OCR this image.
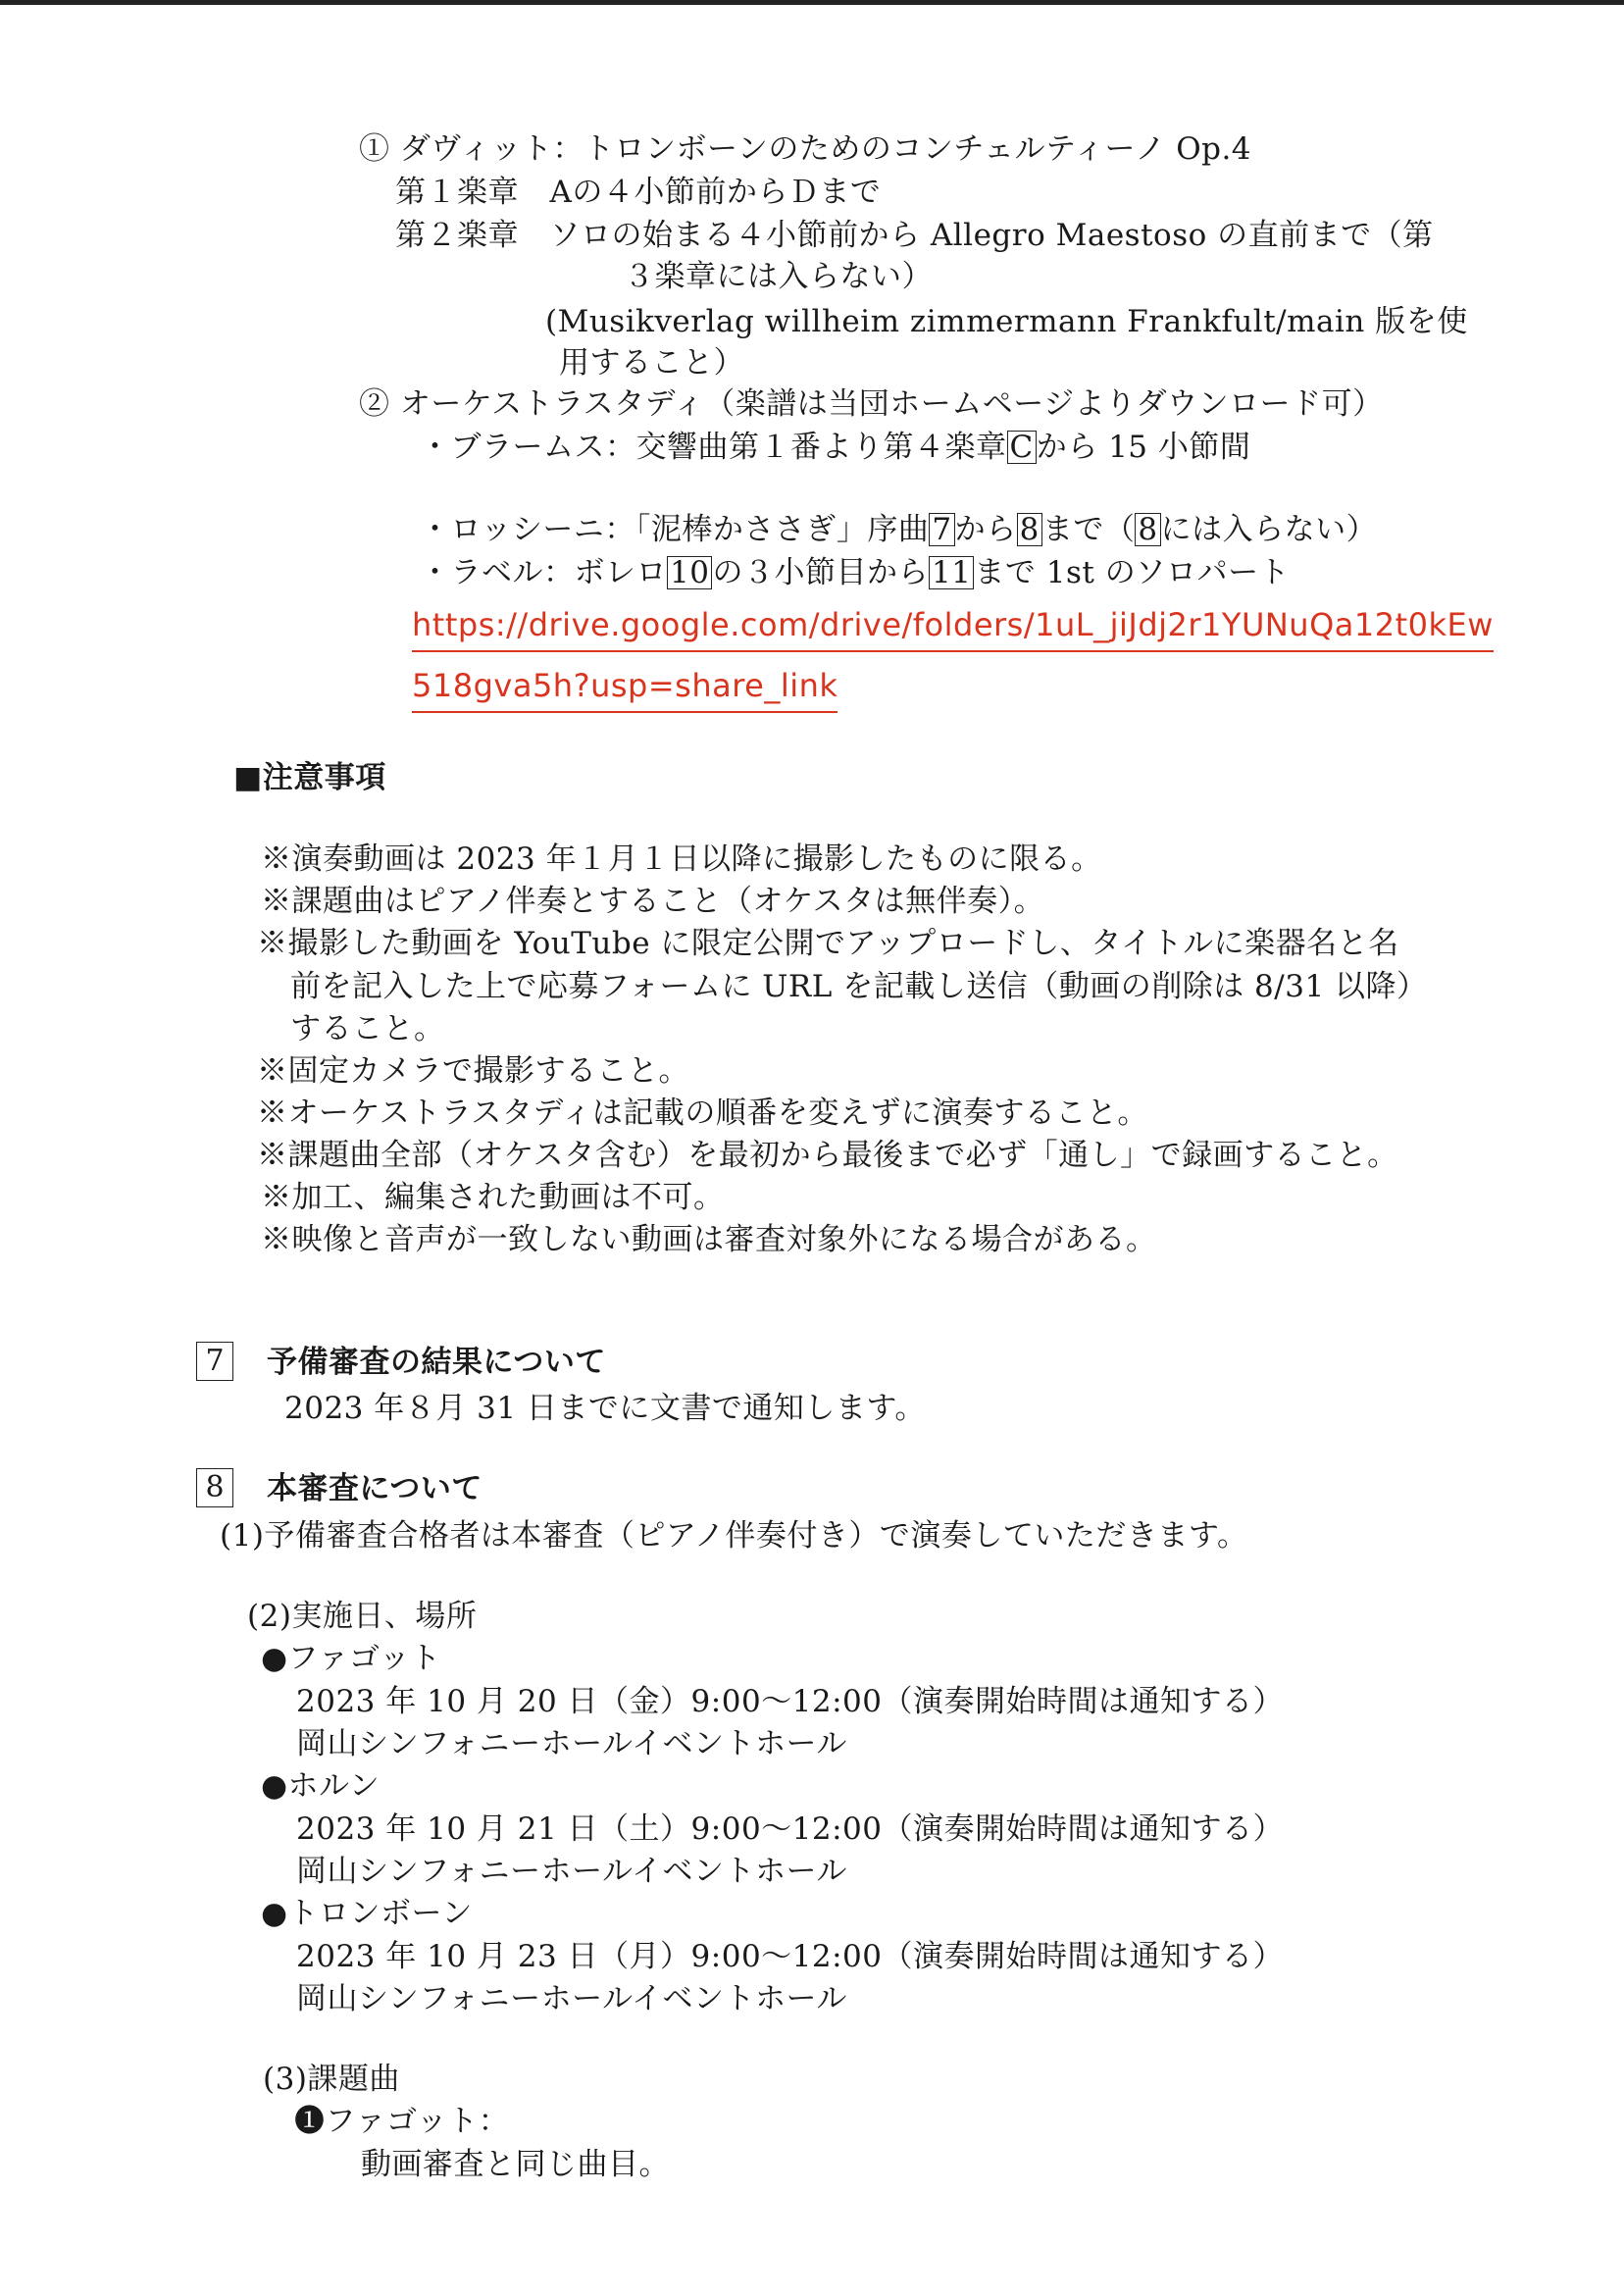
① ダヴィット：トロンボーンのためのコンチェルティーノ Op.4
第１楽章　Aの４小節前からＤまで
第２楽章　ソロの始まる４小節前から Allegro Maestoso の直前まで（第
３楽章には入らない）
(Musikverlag willheim zimmermann Frankfult/main 版を使
用すること）
② オーケストラスタディ（楽譜は当団ホームページよりダウンロード可）
・ブラームス：交響曲第１番より第４楽章Cから 15 小節間
・ロッシーニ：「泥棒かささぎ」序曲7から8まで（8には入らない）
・ラベル：ボレロ10の３小節目から11まで 1st のソロパート
https://drive.google.com/drive/folders/1uL_jiJdj2r1YUNuQa12t0kEw
518gva5h?usp=share_link
■注意事項
※演奏動画は 2023 年１月１日以降に撮影したものに限る。
※課題曲はピアノ伴奏とすること（オケスタは無伴奏）。
※撮影した動画を YouTube に限定公開でアップロードし、タイトルに楽器名と名
前を記入した上で応募フォームに URL を記載し送信（動画の削除は 8/31 以降）
すること。
※固定カメラで撮影すること。
※オーケストラスタディは記載の順番を変えずに演奏すること。
※課題曲全部（オケスタ含む）を最初から最後まで必ず「通し」で録画すること。
※加工、編集された動画は不可。
※映像と音声が一致しない動画は審査対象外になる場合がある。
7	予備審査の結果について
2023 年８月 31 日までに文書で通知します。
8	本審査について
(1)予備審査合格者は本審査（ピアノ伴奏付き）で演奏していただきます。
(2)実施日、場所
●ファゴット
2023 年 10 月 20 日（金）9:00～12:00（演奏開始時間は通知する）
岡山シンフォニーホールイベントホール
●ホルン
2023 年 10 月 21 日（土）9:00～12:00（演奏開始時間は通知する）
岡山シンフォニーホールイベントホール
●トロンボーン
2023 年 10 月 23 日（月）9:00～12:00（演奏開始時間は通知する）
岡山シンフォニーホールイベントホール
(3)課題曲
❶ファゴット：
動画審査と同じ曲目。
